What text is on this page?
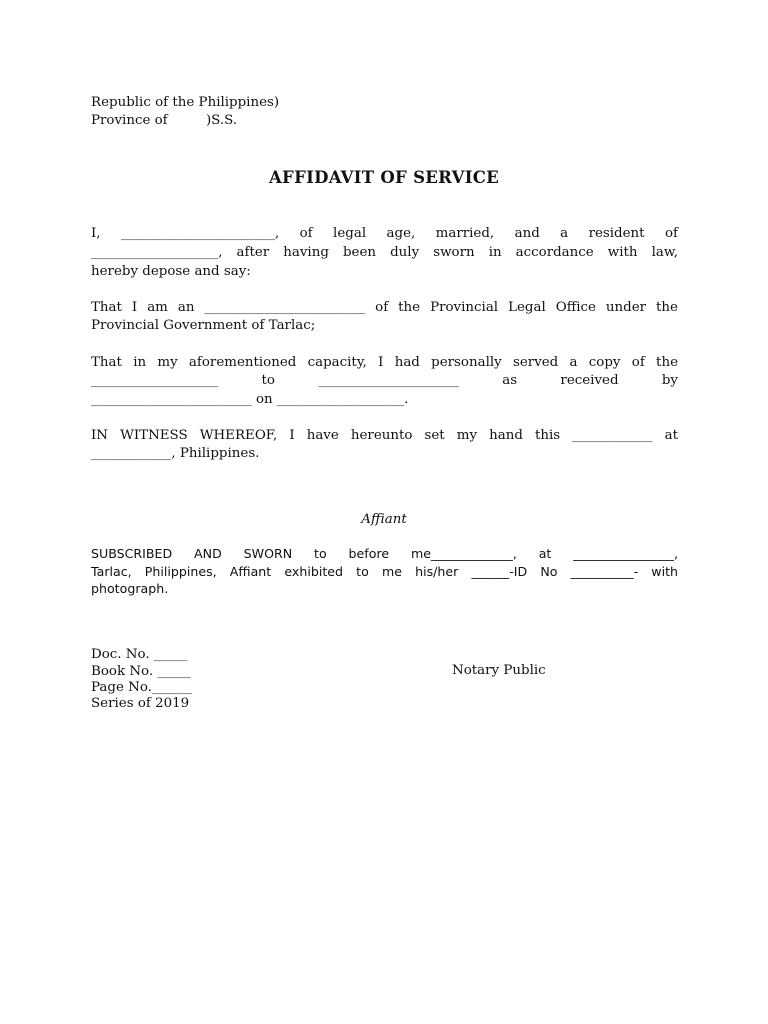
Republic of the Philippines)
Province of         )S.S.
AFFIDAVIT OF SERVICE
I, _______________________, of legal age, married, and a resident of
___________________, after having been duly sworn in accordance with law,
hereby depose and say:
That I am an ________________________ of the Provincial Legal Office under the
Provincial Government of Tarlac;
That in my aforementioned capacity, I had personally served a copy of the
___________________ to _____________________ as received by
________________________ on ___________________.
IN WITNESS WHEREOF, I have hereunto set my hand this ____________ at
____________, Philippines.
Affiant
SUBSCRIBED AND SWORN to before me_____________, at ________________,
Tarlac, Philippines, Affiant exhibited to me his/her ______-ID No __________- with
photograph.
Doc. No. _____
Book No. _____
Page No.______
Series of 2019
Notary Public
